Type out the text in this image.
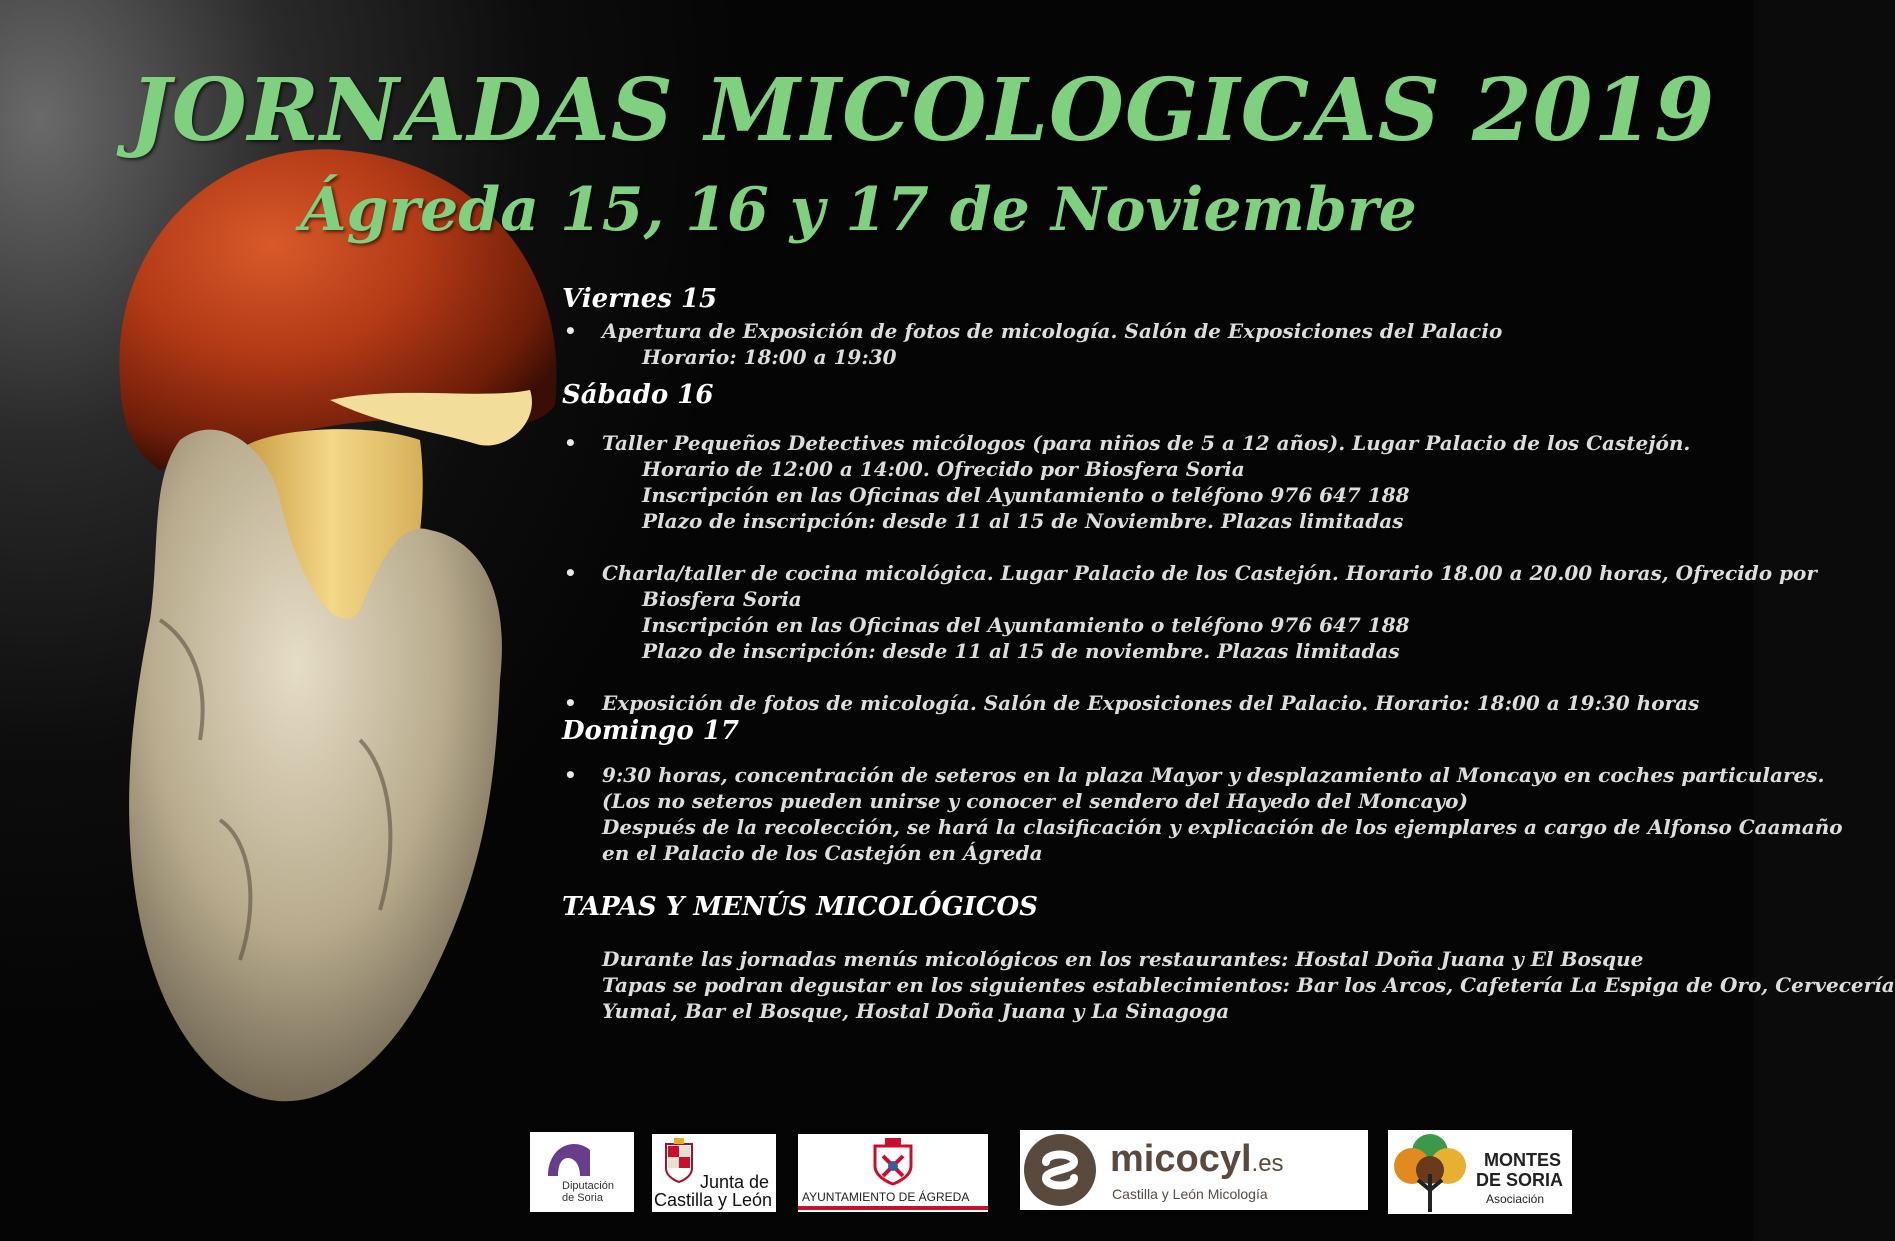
JORNADAS MICOLOGICAS 2019
Ágreda 15, 16 y 17 de Noviembre
Viernes 15
• Apertura de Exposición de fotos de micología. Salón de Exposiciones del Palacio
Horario: 18:00 a 19:30
Sábado 16
• Taller Pequeños Detectives micólogos (para niños de 5 a 12 años). Lugar Palacio de los Castejón.
Horario de 12:00 a 14:00. Ofrecido por Biosfera Soria
Inscripción en las Oficinas del Ayuntamiento o teléfono 976 647 188
Plazo de inscripción: desde 11 al 15 de Noviembre. Plazas limitadas
• Charla/taller de cocina micológica. Lugar Palacio de los Castejón. Horario 18.00 a 20.00 horas, Ofrecido por
Biosfera Soria
Inscripción en las Oficinas del Ayuntamiento o teléfono 976 647 188
Plazo de inscripción: desde 11 al 15 de noviembre. Plazas limitadas
• Exposición de fotos de micología. Salón de Exposiciones del Palacio. Horario: 18:00 a 19:30 horas
Domingo 17
• 9:30 horas, concentración de seteros en la plaza Mayor y desplazamiento al Moncayo en coches particulares.
(Los no seteros pueden unirse y conocer el sendero del Hayedo del Moncayo)
Después de la recolección, se hará la clasificación y explicación de los ejemplares a cargo de Alfonso Caamaño
en el Palacio de los Castejón en Ágreda
TAPAS Y MENÚS MICOLÓGICOS
Durante las jornadas menús micológicos en los restaurantes: Hostal Doña Juana y El Bosque
Tapas se podran degustar en los siguientes establecimientos: Bar los Arcos, Cafetería La Espiga de Oro, Cervecería
Yumai, Bar el Bosque, Hostal Doña Juana y La Sinagoga
Diputación
de Soria
Junta de
Castilla y León AYUNTAMIENTO DE ÁGREDA
micocyl.es
Castilla y León Micología
MONTES
DE SORIA
Asociación
